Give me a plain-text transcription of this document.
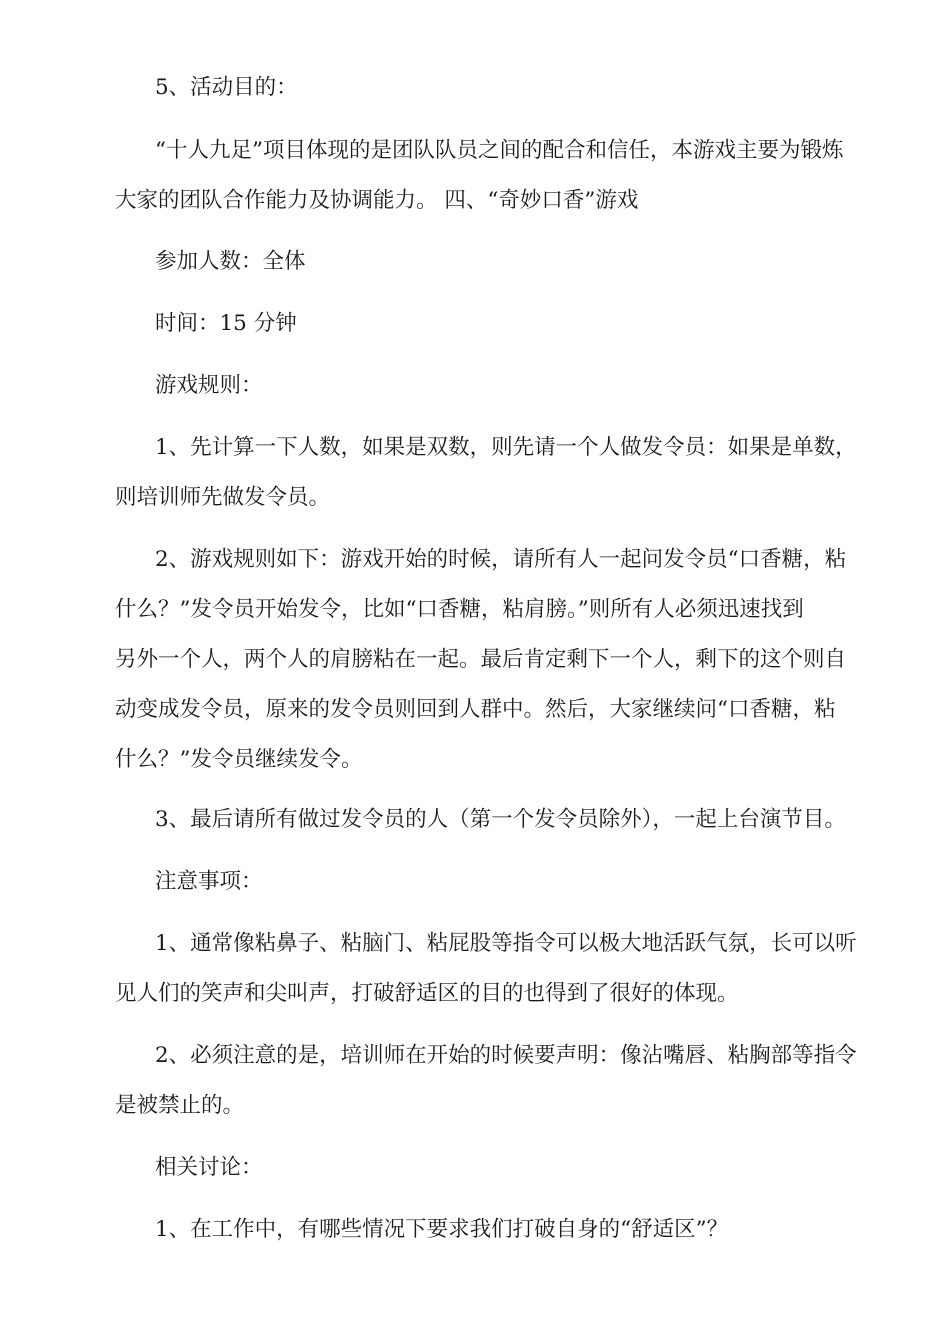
5、活动目的：

“十人九足”项目体现的是团队队员之间的配合和信任，本游戏主要为锻炼
大家的团队合作能力及协调能力。 四、“奇妙口香”游戏

参加人数：全体

时间：15 分钟

游戏规则：

1、先计算一下人数，如果是双数，则先请一个人做发令员：如果是单数，
则培训师先做发令员。

2、游戏规则如下：游戏开始的时候，请所有人一起问发令员“口香糖，粘
什么？”发令员开始发令，比如“口香糖，粘肩膀。”则所有人必须迅速找到
另外一个人，两个人的肩膀粘在一起。最后肯定剩下一个人，剩下的这个则自
动变成发令员，原来的发令员则回到人群中。然后，大家继续问“口香糖，粘
什么？”发令员继续发令。

3、最后请所有做过发令员的人（第一个发令员除外），一起上台演节目。

注意事项：

1、通常像粘鼻子、粘脑门、粘屁股等指令可以极大地活跃气氛，长可以听
见人们的笑声和尖叫声，打破舒适区的目的也得到了很好的体现。

2、必须注意的是，培训师在开始的时候要声明：像沾嘴唇、粘胸部等指令
是被禁止的。

相关讨论：

1、在工作中，有哪些情况下要求我们打破自身的“舒适区”？
